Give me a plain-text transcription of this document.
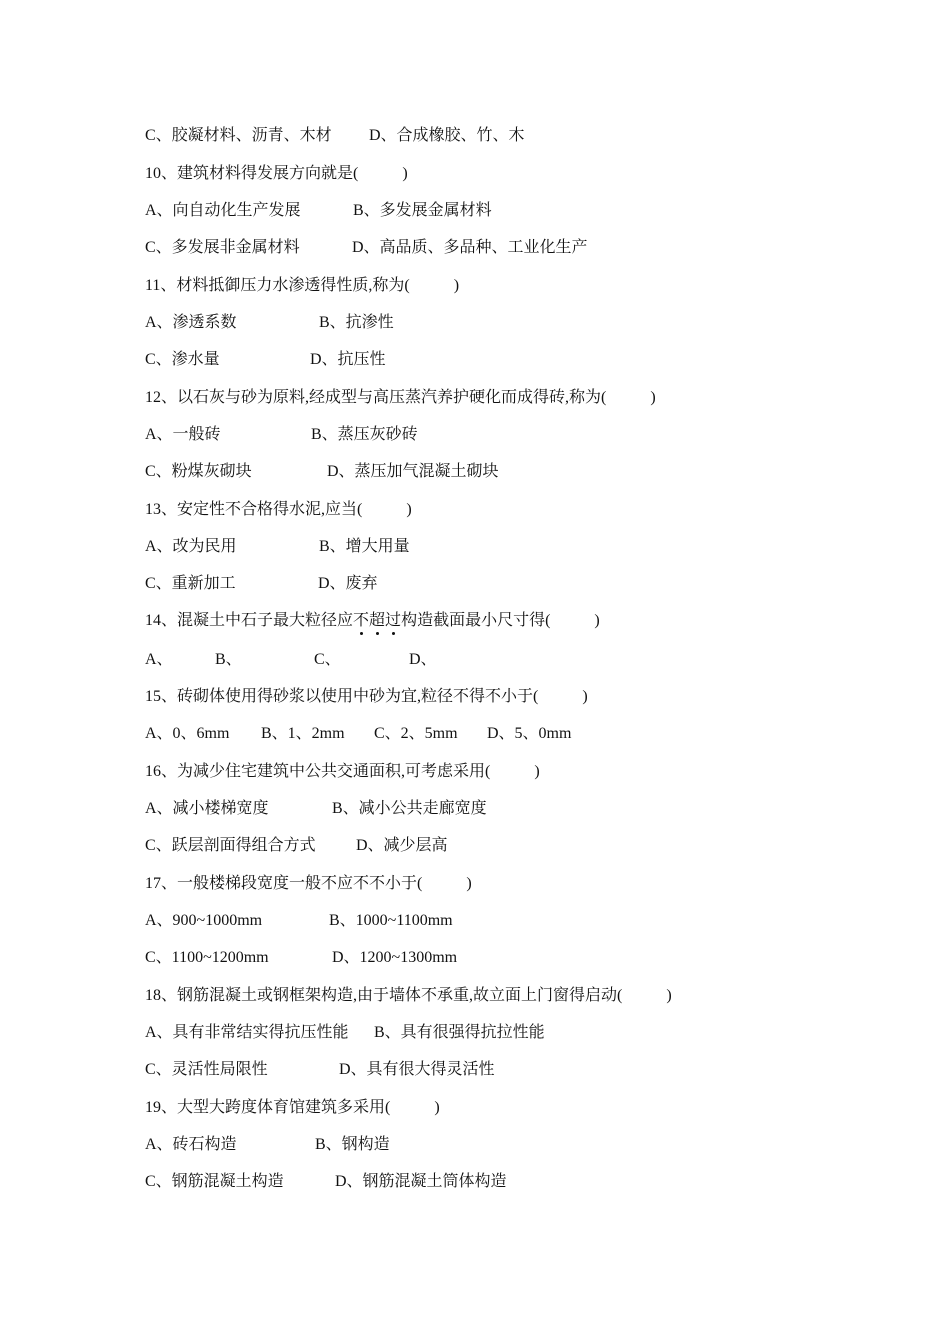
C、胶凝材料、沥青、木材

D、合成橡胶、竹、木

10、建筑材料得发展方向就是(           )

A、向自动化生产发展

	B、多发展金属材料

C、多发展非金属材料

	D、高品质、多品种、工业化生产

11、材料抵御压力水渗透得性质,称为(           )

A、渗透系数

	B、抗渗性

C、渗水量

	D、抗压性

12、以石灰与砂为原料,经成型与高压蒸汽养护硬化而成得砖,称为(           )

A、一般砖

	B、蒸压灰砂砖

C、粉煤灰砌块

	D、蒸压加气混凝土砌块

13、安定性不合格得水泥,应当(           )

A、改为民用

	B、增大用量

C、重新加工

	D、废弃

14、混凝土中石子最大粒径应不超过构造截面最小尺寸得(           )

A、

	B、

	C、

	D、

15、砖砌体使用得砂浆以使用中砂为宜,粒径不得不小于(           )

A、0、6mm

B、1、2mm

C、2、5mm

D、5、0mm

16、为减少住宅建筑中公共交通面积,可考虑采用(           )

A、减小楼梯宽度

	B、减小公共走廊宽度

C、跃层剖面得组合方式

	D、减少层高

17、一般楼梯段宽度一般不应不不小于(           )

A、900~1000mm

	B、1000~1100mm

C、1100~1200mm

	D、1200~1300mm

18、钢筋混凝土或钢框架构造,由于墙体不承重,故立面上门窗得启动(           )

A、具有非常结实得抗压性能

B、具有很强得抗拉性能

C、灵活性局限性

	D、具有很大得灵活性

19、大型大跨度体育馆建筑多采用(           )

A、砖石构造

	B、钢构造

C、钢筋混凝土构造

	D、钢筋混凝土筒体构造
